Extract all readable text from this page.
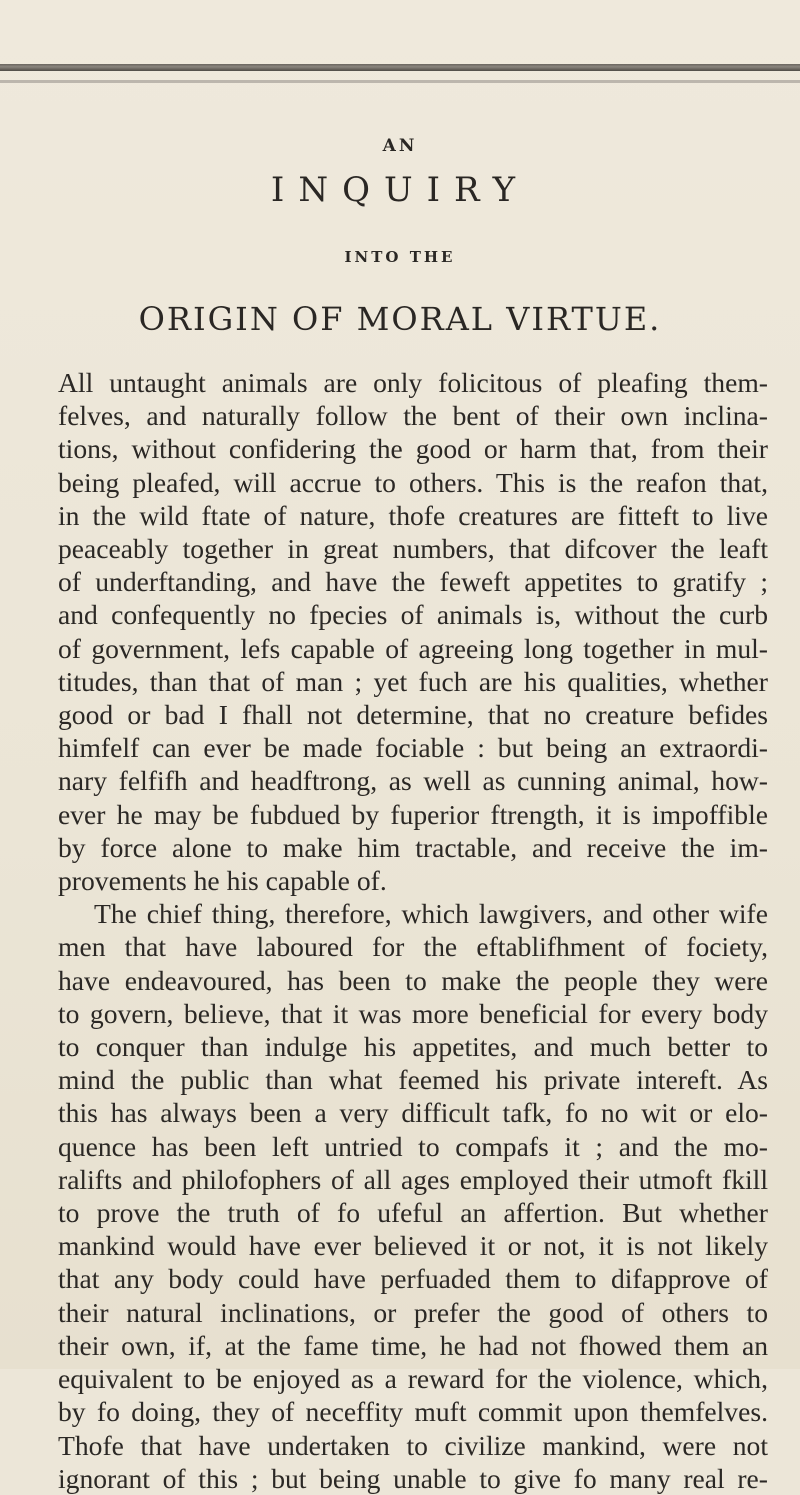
AN
INQUIRY
INTO THE
ORIGIN OF MORAL VIRTUE.
All untaught animals are only folicitous of pleafing them-
felves, and naturally follow the bent of their own inclina-
tions, without confidering the good or harm that, from their
being pleafed, will accrue to others. This is the reafon that,
in the wild ftate of nature, thofe creatures are fitteft to live
peaceably together in great numbers, that difcover the leaft
of underftanding, and have the feweft appetites to gratify ;
and confequently no fpecies of animals is, without the curb
of government, lefs capable of agreeing long together in mul-
titudes, than that of man ; yet fuch are his qualities, whether
good or bad I fhall not determine, that no creature befides
himfelf can ever be made fociable : but being an extraordi-
nary felfifh and headftrong, as well as cunning animal, how-
ever he may be fubdued by fuperior ftrength, it is impoffible
by force alone to make him tractable, and receive the im-
provements he his capable of.
The chief thing, therefore, which lawgivers, and other wife
men that have laboured for the eftablifhment of fociety,
have endeavoured, has been to make the people they were
to govern, believe, that it was more beneficial for every body
to conquer than indulge his appetites, and much better to
mind the public than what feemed his private intereft. As
this has always been a very difficult tafk, fo no wit or elo-
quence has been left untried to compafs it ; and the mo-
ralifts and philofophers of all ages employed their utmoft fkill
to prove the truth of fo ufeful an affertion. But whether
mankind would have ever believed it or not, it is not likely
that any body could have perfuaded them to difapprove of
their natural inclinations, or prefer the good of others to
their own, if, at the fame time, he had not fhowed them an
equivalent to be enjoyed as a reward for the violence, which,
by fo doing, they of neceffity muft commit upon themfelves.
Thofe that have undertaken to civilize mankind, were not
ignorant of this ; but being unable to give fo many real re-
